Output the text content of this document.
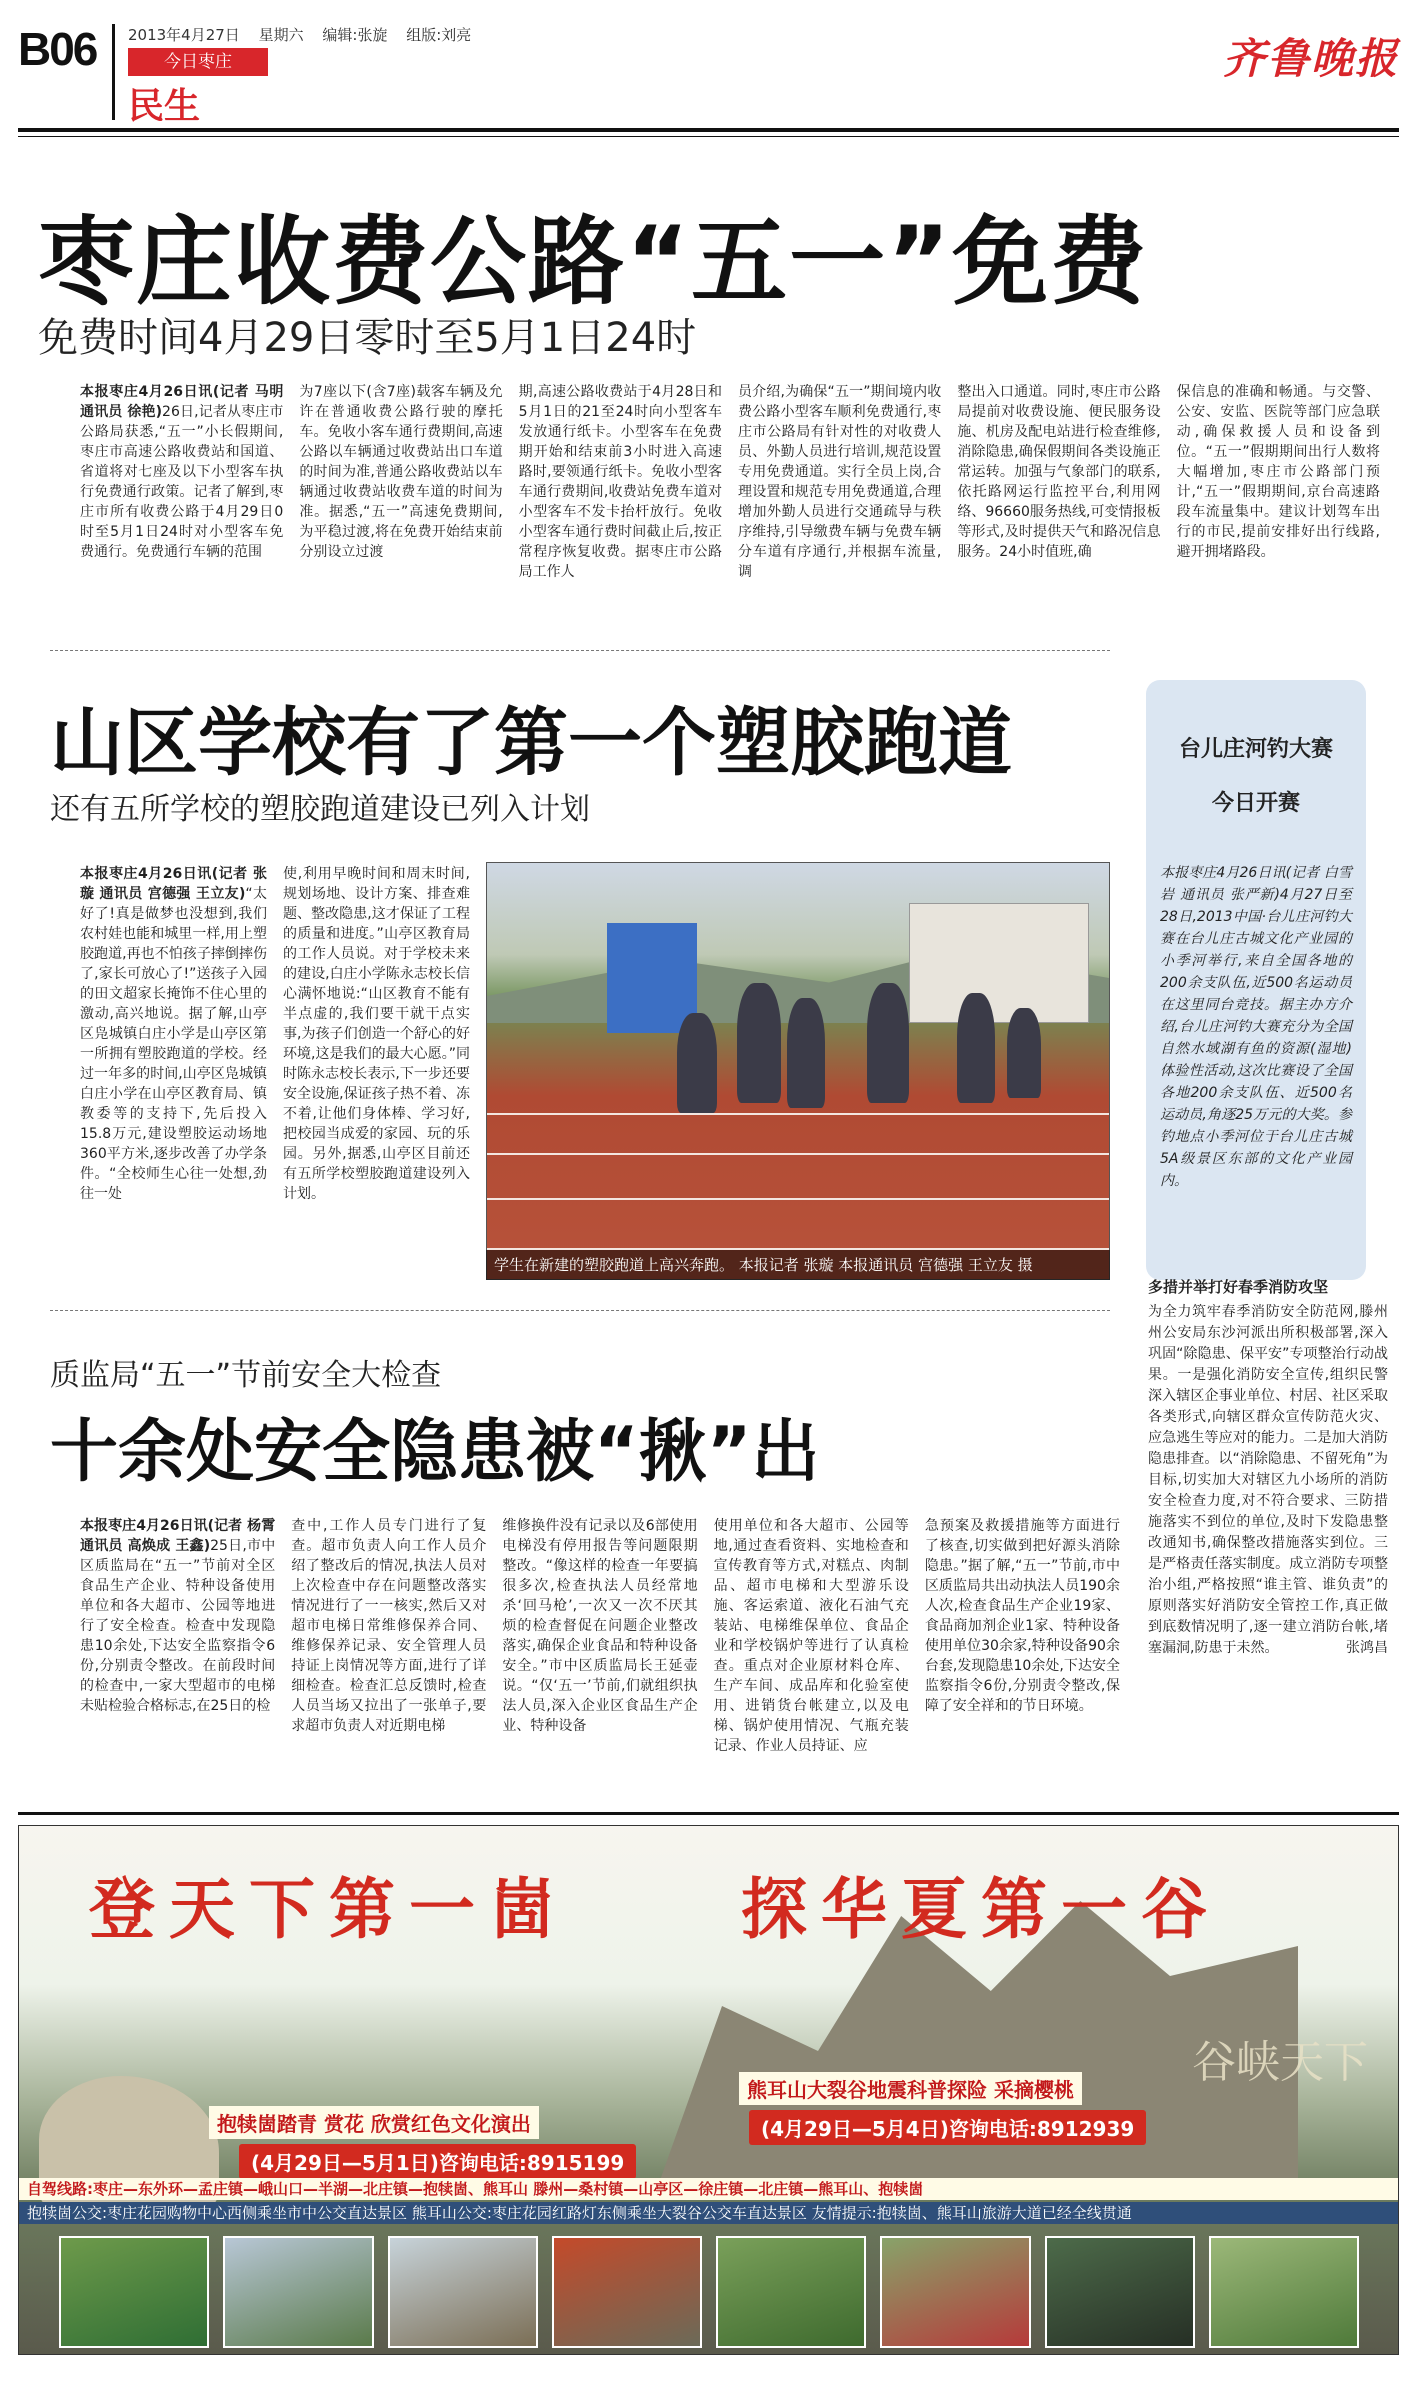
B06 2013年4月27日 星期六 编辑:张旋 组版:刘亮
今日枣庄
民生
齐鲁晚报
枣庄收费公路“五一”免费
免费时间4月29日零时至5月1日24时
本报枣庄4月26日讯(记者 马明 通讯员 徐艳)26日,记者从枣庄市公路局获悉,“五一”小长假期间,枣庄市高速公路收费站和国道、省道将对七座及以下小型客车执行免费通行政策。记者了解到,枣庄市所有收费公路于4月29日0时至5月1日24时对小型客车免费通行。免费通行车辆的范围
为7座以下(含7座)载客车辆及允许在普通收费公路行驶的摩托车。免收小客车通行费期间,高速公路以车辆通过收费站出口车道的时间为准,普通公路收费站以车辆通过收费站收费车道的时间为准。据悉,“五一”高速免费期间,为平稳过渡,将在免费开始结束前分别设立过渡
期,高速公路收费站于4月28日和5月1日的21至24时向小型客车发放通行纸卡。小型客车在免费期开始和结束前3小时进入高速路时,要领通行纸卡。免收小型客车通行费期间,收费站免费车道对小型客车不发卡抬杆放行。免收小型客车通行费时间截止后,按正常程序恢复收费。据枣庄市公路局工作人
员介绍,为确保“五一”期间境内收费公路小型客车顺利免费通行,枣庄市公路局有针对性的对收费人员、外勤人员进行培训,规范设置专用免费通道。实行全员上岗,合理设置和规范专用免费通道,合理增加外勤人员进行交通疏导与秩序维持,引导缴费车辆与免费车辆分车道有序通行,并根据车流量,调
整出入口通道。同时,枣庄市公路局提前对收费设施、便民服务设施、机房及配电站进行检查维修,消除隐患,确保假期间各类设施正常运转。加强与气象部门的联系,依托路网运行监控平台,利用网络、96660服务热线,可变情报板等形式,及时提供天气和路况信息服务。24小时值班,确
保信息的准确和畅通。与交警、公安、安监、医院等部门应急联动,确保救援人员和设备到位。“五一”假期期间出行人数将大幅增加,枣庄市公路部门预计,“五一”假期期间,京台高速路段车流量集中。建议计划驾车出行的市民,提前安排好出行线路,避开拥堵路段。
山区学校有了第一个塑胶跑道
还有五所学校的塑胶跑道建设已列入计划
本报枣庄4月26日讯(记者 张璇 通讯员 宫德强 王立友)“太好了!真是做梦也没想到,我们农村娃也能和城里一样,用上塑胶跑道,再也不怕孩子摔倒摔伤了,家长可放心了!”送孩子入园的田文超家长掩饰不住心里的激动,高兴地说。据了解,山亭区凫城镇白庄小学是山亭区第一所拥有塑胶跑道的学校。经过一年多的时间,山亭区凫城镇白庄小学在山亭区教育局、镇教委等的支持下,先后投入15.8万元,建设塑胶运动场地360平方米,逐步改善了办学条件。“全校师生心往一处想,劲往一处
使,利用早晚时间和周末时间,规划场地、设计方案、排查难题、整改隐患,这才保证了工程的质量和进度。”山亭区教育局的工作人员说。对于学校未来的建设,白庄小学陈永志校长信心满怀地说:“山区教育不能有半点虚的,我们要干就干点实事,为孩子们创造一个舒心的好环境,这是我们的最大心愿。”同时陈永志校长表示,下一步还要安全设施,保证孩子热不着、冻不着,让他们身体棒、学习好,把校园当成爱的家园、玩的乐园。另外,据悉,山亭区目前还有五所学校塑胶跑道建设列入计划。
学生在新建的塑胶跑道上高兴奔跑。 本报记者 张璇 本报通讯员 宫德强 王立友 摄
台儿庄河钓大赛
今日开赛
本报枣庄4月26日讯(记者 白雪岩 通讯员 张严新)4月27日至28日,2013中国·台儿庄河钓大赛在台儿庄古城文化产业园的小季河举行,来自全国各地的200余支队伍,近500名运动员在这里同台竞技。据主办方介绍,台儿庄河钓大赛充分为全国自然水域湖有鱼的资源(湿地)体验性活动,这次比赛设了全国各地200余支队伍、近500名运动员,角逐25万元的大奖。参钓地点小季河位于台儿庄古城5A级景区东部的文化产业园内。
多措并举打好春季消防攻坚
为全力筑牢春季消防安全防范网,滕州州公安局东沙河派出所积极部署,深入巩固“除隐患、保平安”专项整治行动战果。一是强化消防安全宣传,组织民警深入辖区企事业单位、村居、社区采取各类形式,向辖区群众宣传防范火灾、应急逃生等应对的能力。二是加大消防隐患排查。以“消除隐患、不留死角”为目标,切实加大对辖区九小场所的消防安全检查力度,对不符合要求、三防措施落实不到位的单位,及时下发隐患整改通知书,确保整改措施落实到位。三是严格责任落实制度。成立消防专项整治小组,严格按照“谁主管、谁负责”的原则落实好消防安全管控工作,真正做到底数情况明了,逐一建立消防台帐,堵塞漏洞,防患于未然。	张鸿昌
质监局“五一”节前安全大检查
十余处安全隐患被“揪”出
本报枣庄4月26日讯(记者 杨霄 通讯员 高焕成 王鑫)25日,市中区质监局在“五一”节前对全区食品生产企业、特种设备使用单位和各大超市、公园等地进行了安全检查。检查中发现隐患10余处,下达安全监察指令6份,分别责令整改。在前段时间的检查中,一家大型超市的电梯未贴检验合格标志,在25日的检
查中,工作人员专门进行了复查。超市负责人向工作人员介绍了整改后的情况,执法人员对上次检查中存在问题整改落实情况进行了一一核实,然后又对超市电梯日常维修保养合同、维修保养记录、安全管理人员持证上岗情况等方面,进行了详细检查。检查汇总反馈时,检查人员当场又拉出了一张单子,要求超市负责人对近期电梯
维修换件没有记录以及6部使用电梯没有停用报告等问题限期整改。“像这样的检查一年要搞很多次,检查执法人员经常地杀‘回马枪’,一次又一次不厌其烦的检查督促在问题企业整改落实,确保企业食品和特种设备安全。”市中区质监局长王延壶说。“仅‘五一’节前,们就组织执法人员,深入企业区食品生产企业、特种设备
使用单位和各大超市、公园等地,通过查看资料、实地检查和宣传教育等方式,对糕点、肉制品、超市电梯和大型游乐设施、客运索道、液化石油气充装站、电梯维保单位、食品企业和学校锅炉等进行了认真检查。重点对企业原材料仓库、生产车间、成品库和化验室使用、进销货台帐建立,以及电梯、锅炉使用情况、气瓶充装记录、作业人员持证、应
急预案及救援措施等方面进行了核查,切实做到把好源头消除隐患。”据了解,“五一”节前,市中区质监局共出动执法人员190余人次,检查食品生产企业19家、食品商加剂企业1家、特种设备使用单位30余家,特种设备90余台套,发现隐患10余处,下达安全监察指令6份,分别责令整改,保障了安全祥和的节日环境。
登天下第一崮	探华夏第一谷
谷峡天下
抱犊崮踏青 赏花 欣赏红色文化演出
(4月29日—5月1日)咨询电话:8915199
熊耳山大裂谷地震科普探险 采摘樱桃
(4月29日—5月4日)咨询电话:8912939
自驾线路:枣庄—东外环—孟庄镇—峨山口—半湖—北庄镇—抱犊崮、熊耳山 滕州—桑村镇—山亭区—徐庄镇—北庄镇—熊耳山、抱犊崮
抱犊崮公交:枣庄花园购物中心西侧乘坐市中公交直达景区 熊耳山公交:枣庄花园红路灯东侧乘坐大裂谷公交车直达景区 友情提示:抱犊崮、熊耳山旅游大道已经全线贯通
